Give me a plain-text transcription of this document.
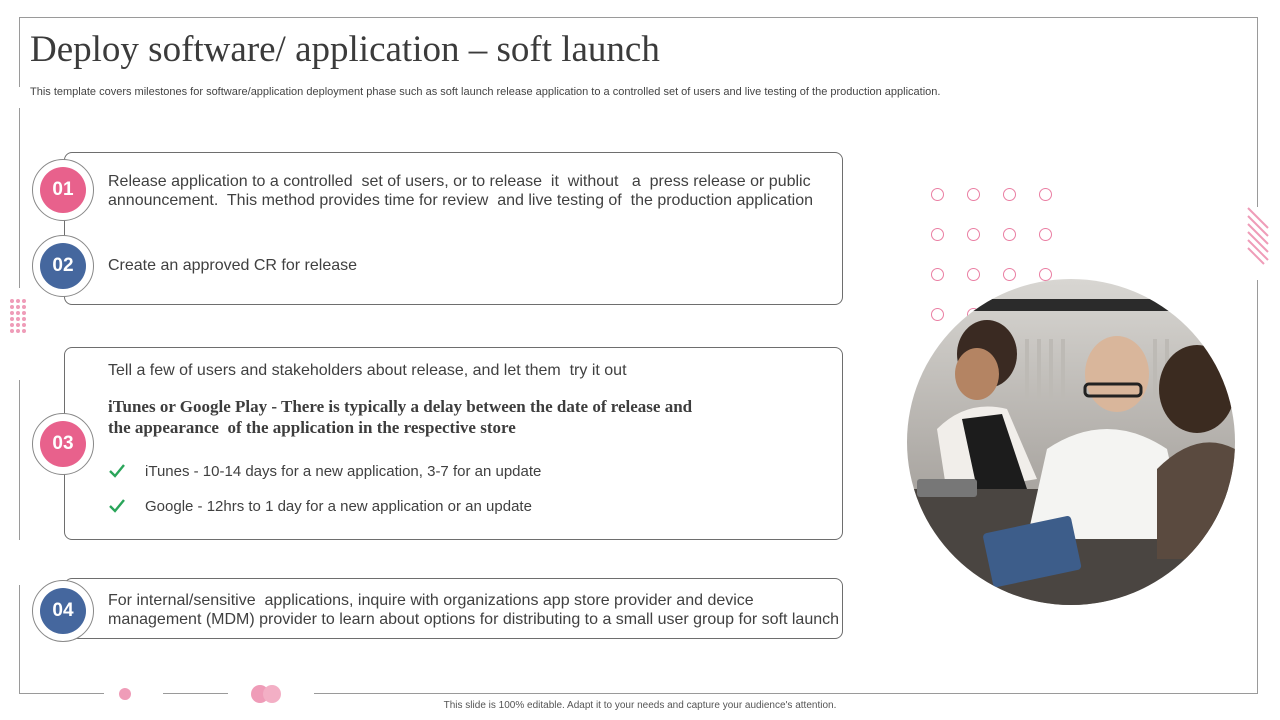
Deploy software/ application – soft launch
This template covers milestones for software/application deployment phase such as soft launch release application to a controlled set of users and live testing of the production application.
01	Release application to a controlled  set of users, or to release  it  without   a  press release or public
announcement.  This method provides time for review  and live testing of  the production application
02	Create an approved CR for release
03
Tell a few of users and stakeholders about release, and let them  try it out
iTunes or Google Play - There is typically a delay between the date of release and
the appearance  of the application in the respective store
iTunes - 10-14 days for a new application, 3-7 for an update
Google - 12hrs to 1 day for a new application or an update
04	For internal/sensitive  applications, inquire with organizations app store provider and device
management (MDM) provider to learn about options for distributing to a small user group for soft launch
This slide is 100% editable. Adapt it to your needs and capture your audience's attention.
